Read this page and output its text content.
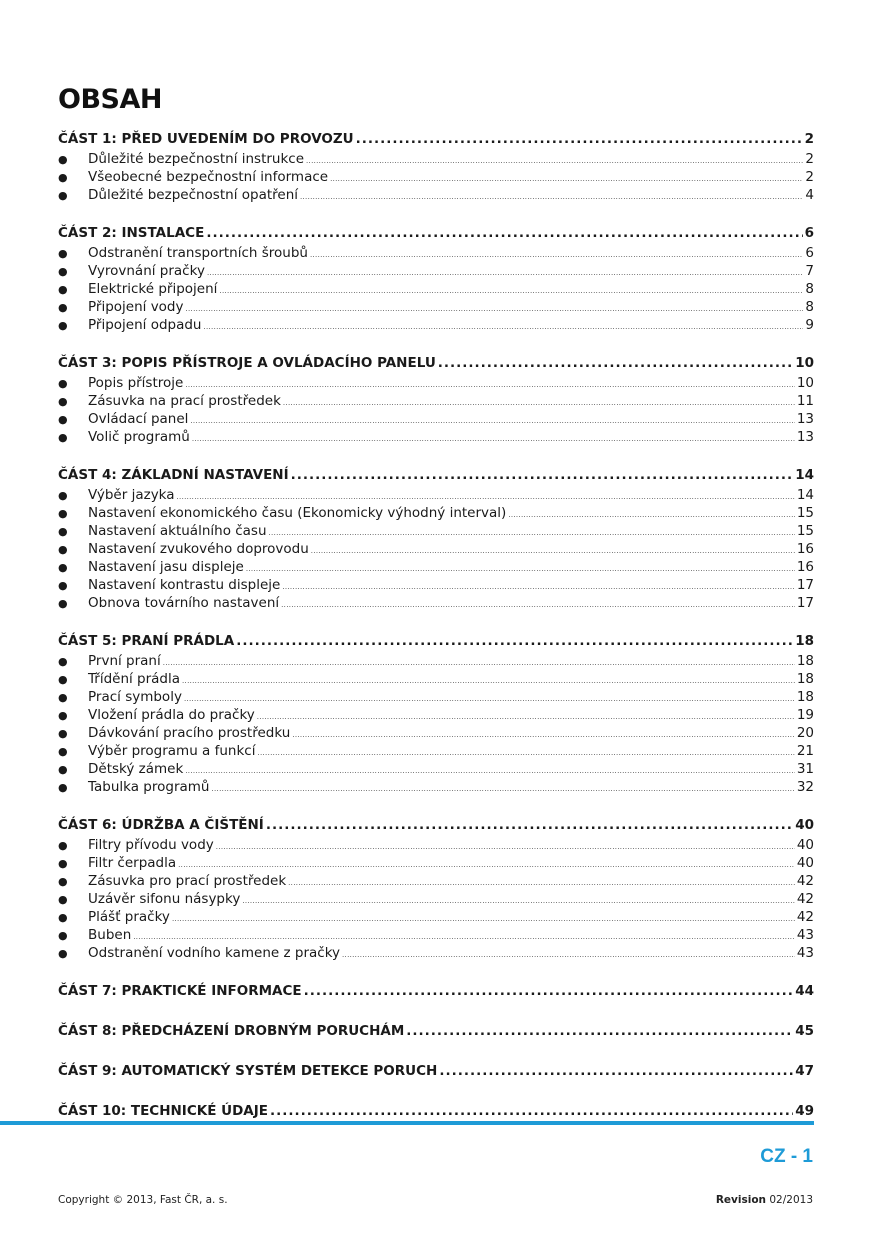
OBSAH
ČÁST 1: PŘED UVEDENÍM DO PROVOZU .....	2
●	Důležité bezpečnostní instrukce .....	2
●	Všeobecné bezpečnostní informace .....	2
●	Důležité bezpečnostní opatření .....	4
ČÁST 2: INSTALACE .....	6
●	Odstranění transportních šroubů .....	6
●	Vyrovnání pračky .....	7
●	Elektrické připojení .....	8
●	Připojení vody .....	8
●	Připojení odpadu .....	9
ČÁST 3: POPIS PŘÍSTROJE A OVLÁDACÍHO PANELU .....	10
●	Popis přístroje .....	10
●	Zásuvka na prací prostředek .....	11
●	Ovládací panel .....	13
●	Volič programů .....	13
ČÁST 4: ZÁKLADNÍ NASTAVENÍ .....	14
●	Výběr jazyka .....	14
●	Nastavení ekonomického času (Ekonomicky výhodný interval) .....	15
●	Nastavení aktuálního času .....	15
●	Nastavení zvukového doprovodu .....	16
●	Nastavení jasu displeje .....	16
●	Nastavení kontrastu displeje .....	17
●	Obnova továrního nastavení .....	17
ČÁST 5: PRANÍ PRÁDLA .....	18
●	První praní .....	18
●	Třídění prádla .....	18
●	Prací symboly .....	18
●	Vložení prádla do pračky .....	19
●	Dávkování pracího prostředku .....	20
●	Výběr programu a funkcí .....	21
●	Dětský zámek .....	31
●	Tabulka programů .....	32
ČÁST 6: ÚDRŽBA A ČIŠTĚNÍ .....	40
●	Filtry přívodu vody .....	40
●	Filtr čerpadla .....	40
●	Zásuvka pro prací prostředek .....	42
●	Uzávěr sifonu násypky .....	42
●	Plášť pračky .....	42
●	Buben .....	43
●	Odstranění vodního kamene z pračky .....	43
ČÁST 7: PRAKTICKÉ INFORMACE .....	44
ČÁST 8: PŘEDCHÁZENÍ DROBNÝM PORUCHÁM .....	45
ČÁST 9: AUTOMATICKÝ SYSTÉM DETEKCE PORUCH .....	47
ČÁST 10: TECHNICKÉ ÚDAJE .....	49

CZ - 1

Copyright © 2013, Fast ČR, a. s.	Revision 02/2013
